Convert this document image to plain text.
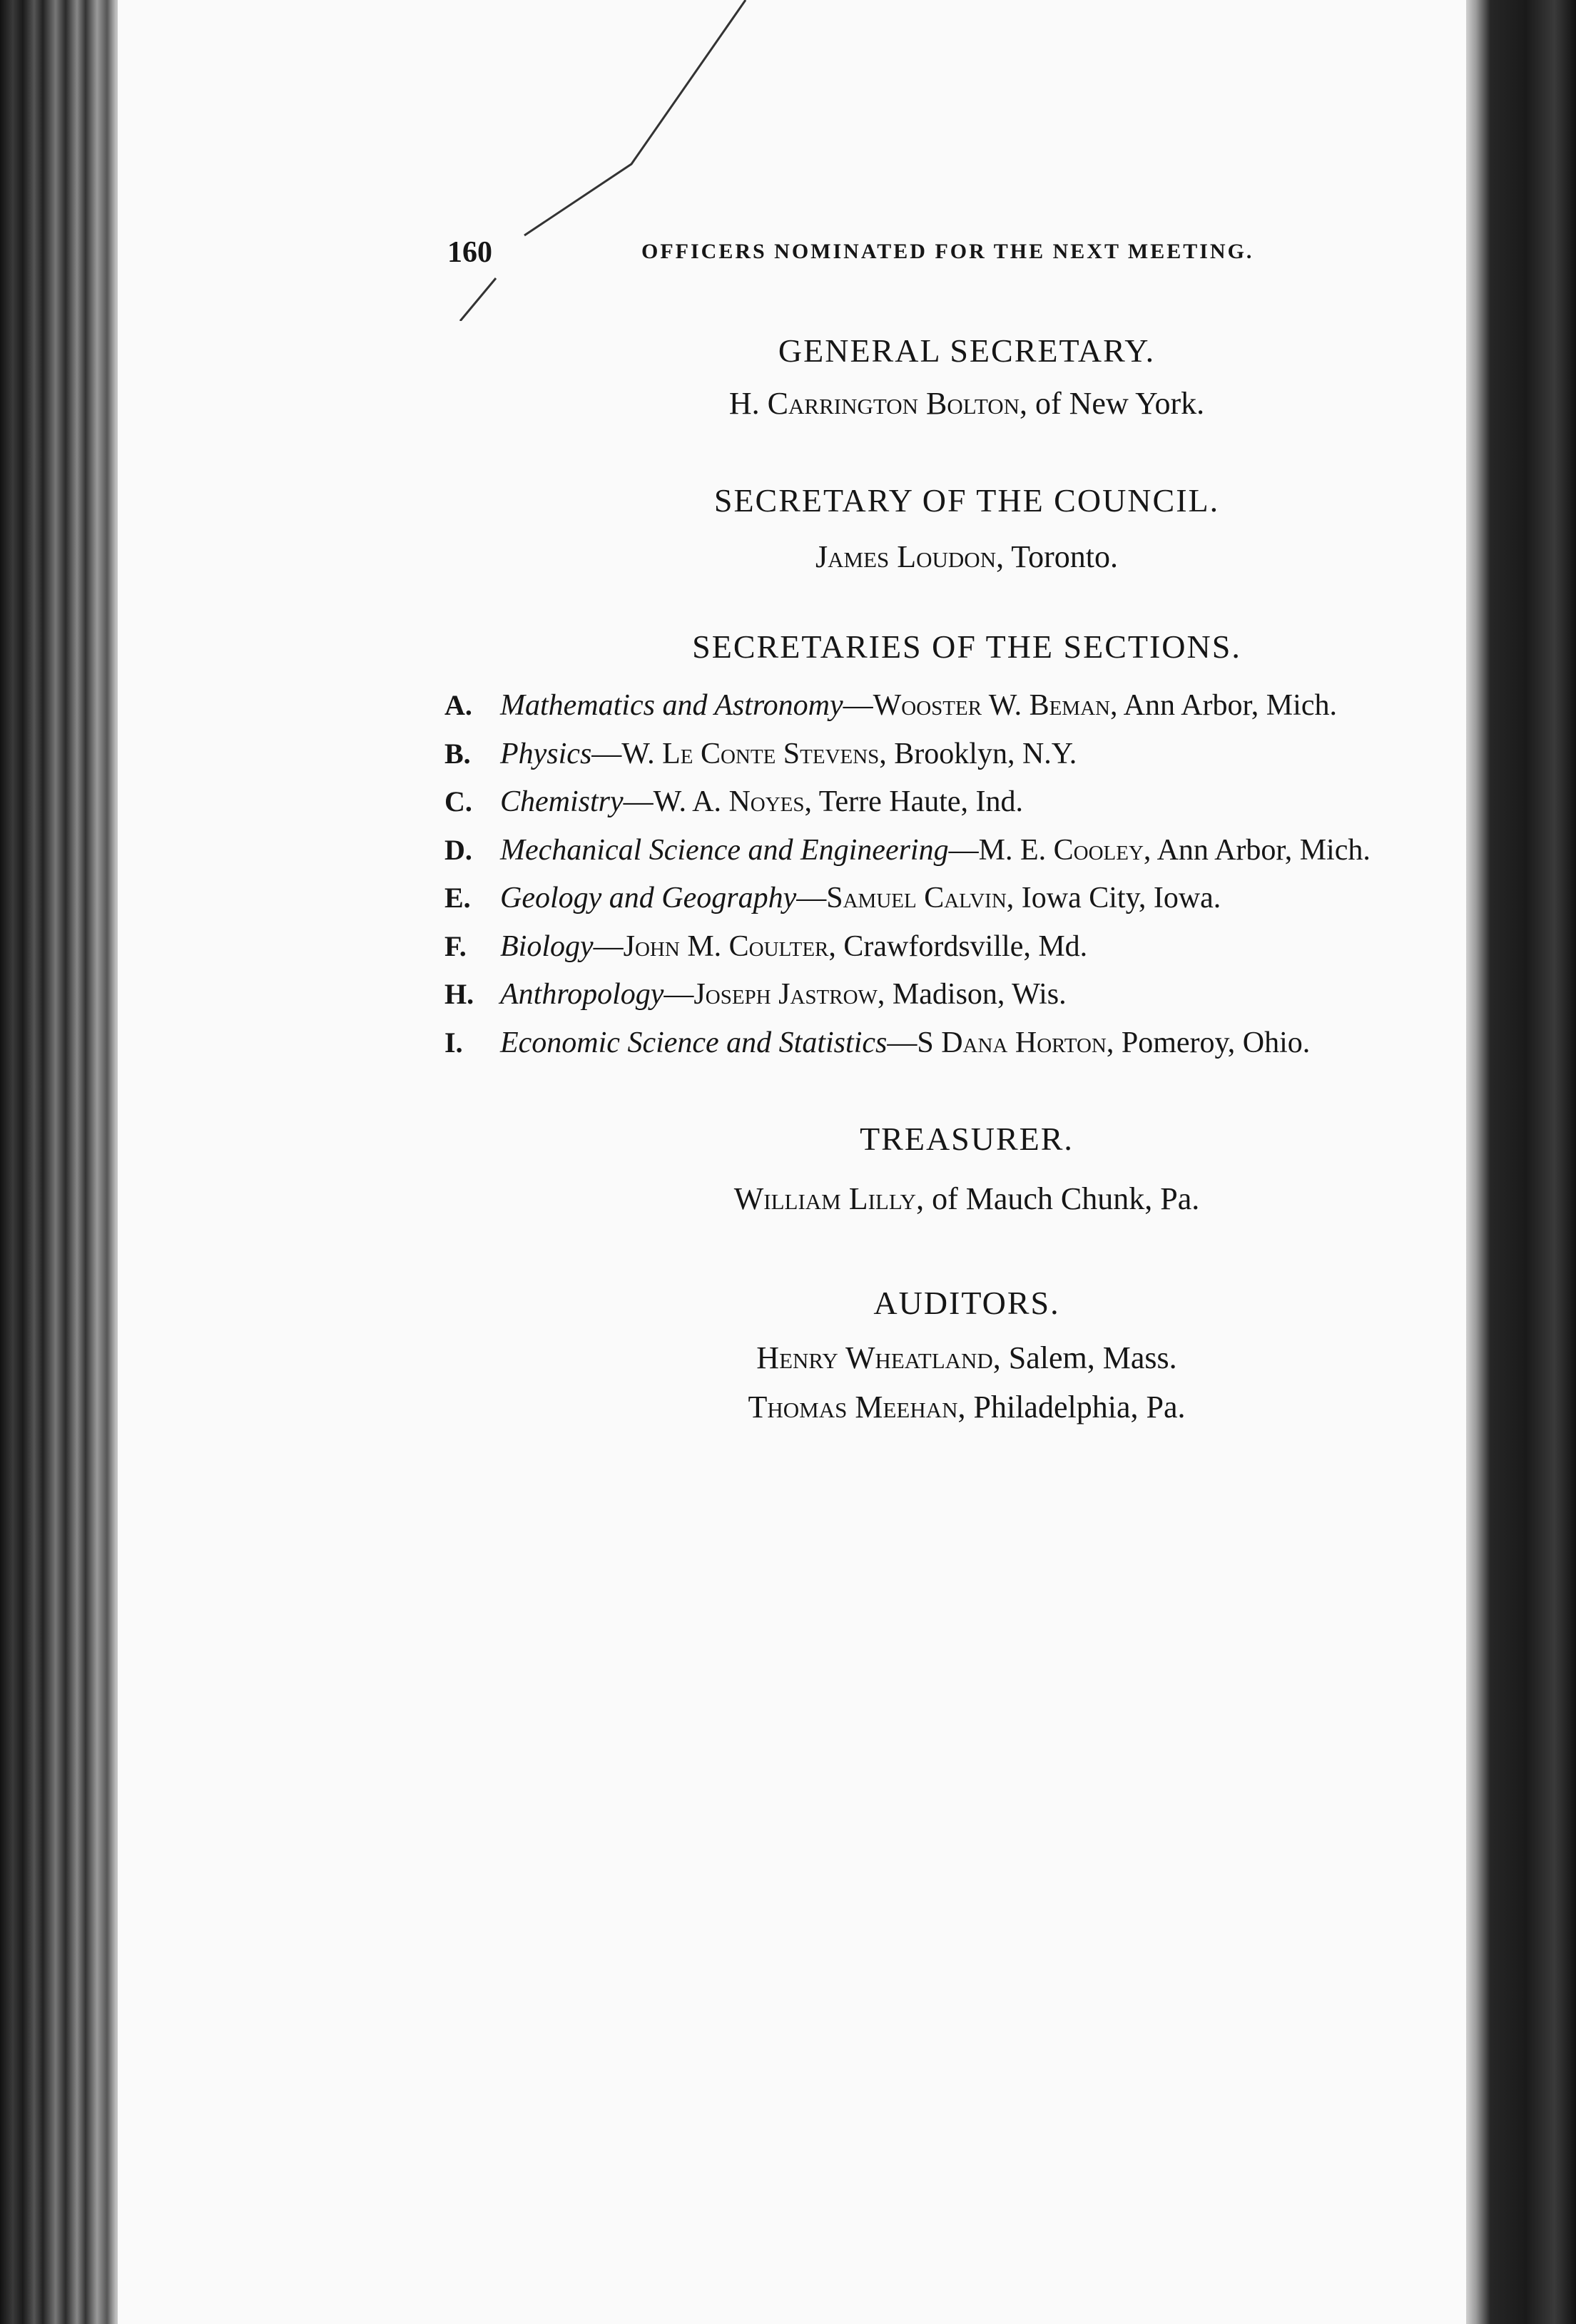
160	OFFICERS NOMINATED FOR THE NEXT MEETING.
GENERAL SECRETARY.
H. Carrington Bolton, of New York.
SECRETARY OF THE COUNCIL.
James Loudon, Toronto.
SECRETARIES OF THE SECTIONS.
A. Mathematics and Astronomy—Wooster W. Beman, Ann Arbor, Mich.
B. Physics—W. Le Conte Stevens, Brooklyn, N.Y.
C. Chemistry—W. A. Noyes, Terre Haute, Ind.
D. Mechanical Science and Engineering—M. E. Cooley, Ann Arbor, Mich.
E. Geology and Geography—Samuel Calvin, Iowa City, Iowa.
F. Biology—John M. Coulter, Crawfordsville, Md.
H. Anthropology—Joseph Jastrow, Madison, Wis.
I. Economic Science and Statistics—S Dana Horton, Pomeroy, Ohio.
TREASURER.
William Lilly, of Mauch Chunk, Pa.
AUDITORS.
Henry Wheatland, Salem, Mass.
Thomas Meehan, Philadelphia, Pa.
